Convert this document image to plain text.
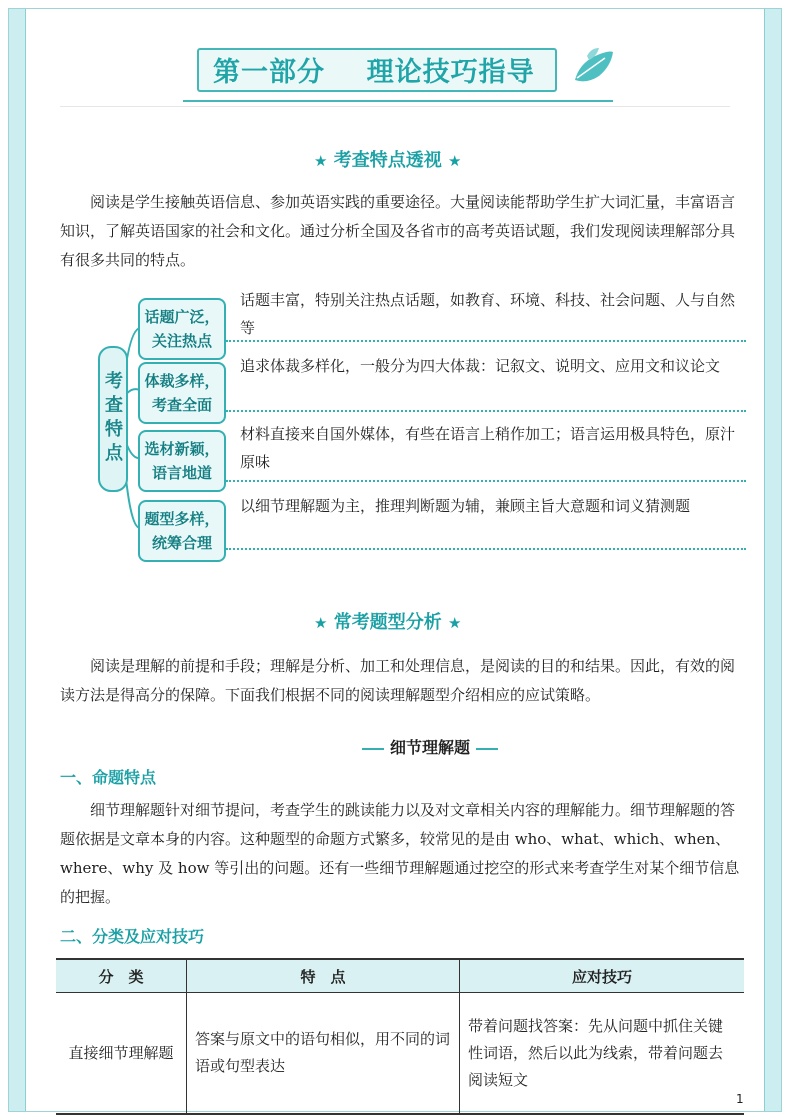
第一部分    理论技巧指导
★ 考查特点透视 ★
阅读是学生接触英语信息、参加英语实践的重要途径。大量阅读能帮助学生扩大词汇量，丰富语言知识，了解英语国家的社会和文化。通过分析全国及各省市的高考英语试题，我们发现阅读理解部分具有很多共同的特点。
考查特点
话题广泛，
关注热点
话题丰富，特别关注热点话题，如教育、环境、科技、社会问题、人与自然等
体裁多样，
考查全面
追求体裁多样化，一般分为四大体裁：记叙文、说明文、应用文和议论文
选材新颖，
语言地道
材料直接来自国外媒体，有些在语言上稍作加工；语言运用极具特色，原汁原味
题型多样，
统筹合理
以细节理解题为主，推理判断题为辅，兼顾主旨大意题和词义猜测题
★ 常考题型分析 ★
阅读是理解的前提和手段；理解是分析、加工和处理信息，是阅读的目的和结果。因此，有效的阅读方法是得高分的保障。下面我们根据不同的阅读理解题型介绍相应的应试策略。
细节理解题
一、命题特点
细节理解题针对细节提问，考查学生的跳读能力以及对文章相关内容的理解能力。细节理解题的答题依据是文章本身的内容。这种题型的命题方式繁多，较常见的是由 who、what、which、when、where、why 及 how 等引出的问题。还有一些细节理解题通过挖空的形式来考查学生对某个细节信息的把握。
二、分类及应对技巧
分　类	特　点	应对技巧
直接细节理解题	答案与原文中的语句相似，用不同的词语或句型表达	带着问题找答案：先从问题中抓住关键性词语，然后以此为线索，带着问题去阅读短文
1
